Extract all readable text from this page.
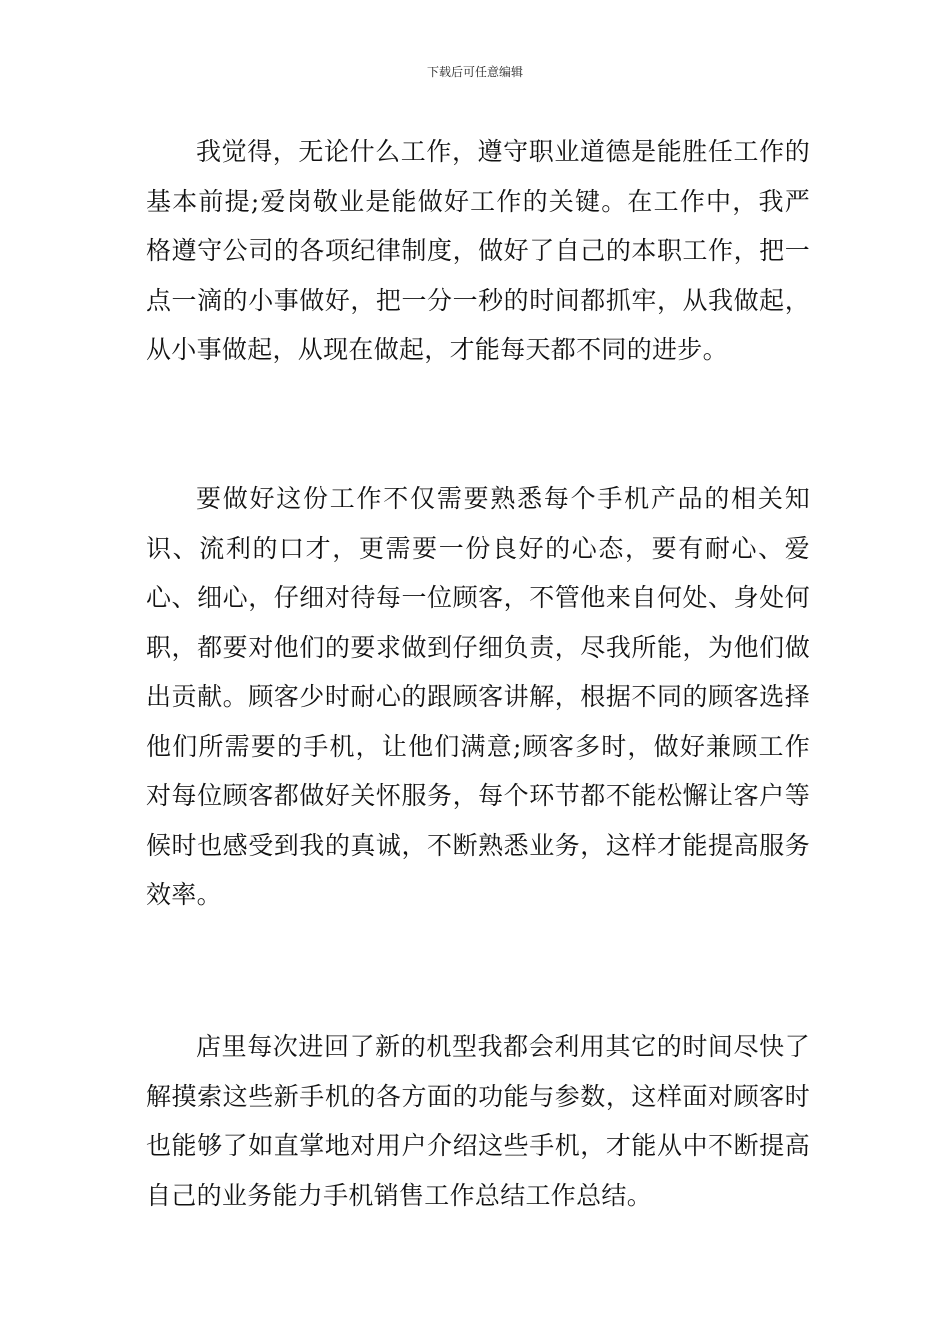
下载后可任意编辑

我觉得，无论什么工作，遵守职业道德是能胜任工作的基本前提;爱岗敬业是能做好工作的关键。在工作中，我严格遵守公司的各项纪律制度，做好了自己的本职工作，把一点一滴的小事做好，把一分一秒的时间都抓牢，从我做起，从小事做起，从现在做起，才能每天都不同的进步。

要做好这份工作不仅需要熟悉每个手机产品的相关知识、流利的口才，更需要一份良好的心态，要有耐心、爱心、细心，仔细对待每一位顾客，不管他来自何处、身处何职，都要对他们的要求做到仔细负责，尽我所能，为他们做出贡献。顾客少时耐心的跟顾客讲解，根据不同的顾客选择他们所需要的手机，让他们满意;顾客多时，做好兼顾工作对每位顾客都做好关怀服务，每个环节都不能松懈让客户等候时也感受到我的真诚，不断熟悉业务，这样才能提高服务效率。

店里每次进回了新的机型我都会利用其它的时间尽快了解摸索这些新手机的各方面的功能与参数，这样面对顾客时也能够了如直掌地对用户介绍这些手机，才能从中不断提高自己的业务能力手机销售工作总结工作总结。
